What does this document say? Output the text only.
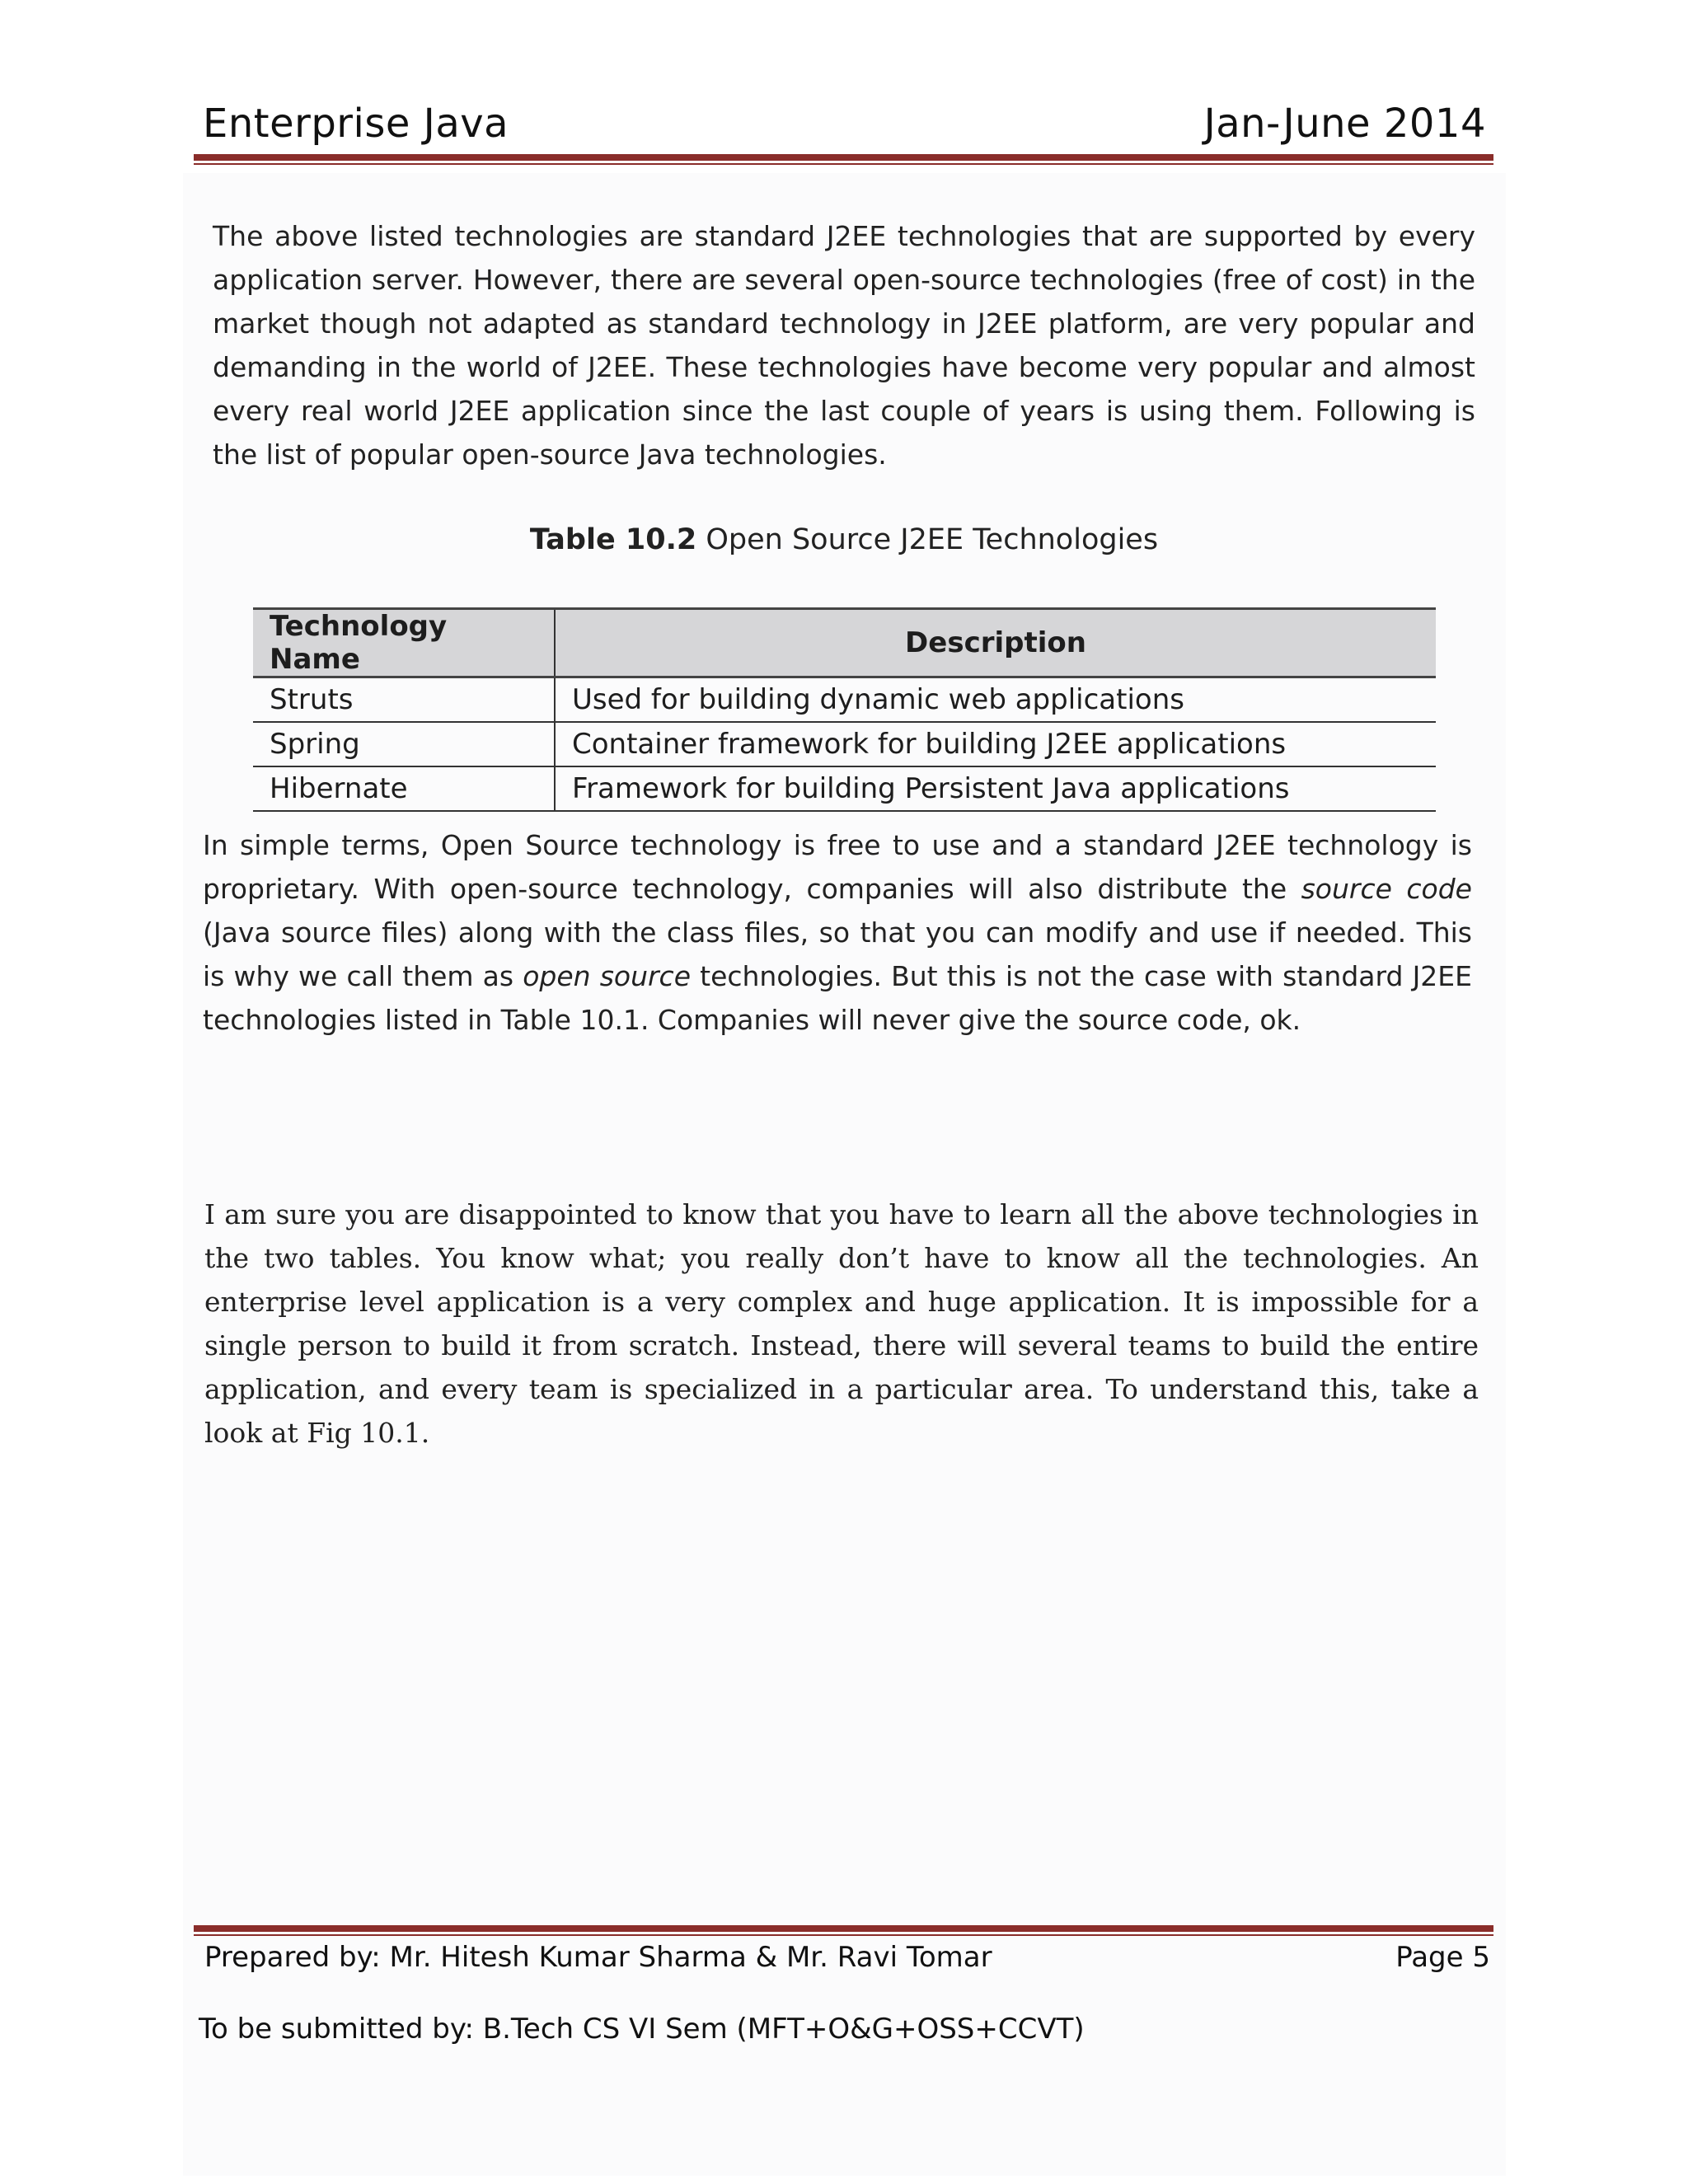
Enterprise Java	Jan-June 2014

The above listed technologies are standard J2EE technologies that are supported by every application server. However, there are several open-source technologies (free of cost) in the market though not adapted as standard technology in J2EE platform, are very popular and demanding in the world of J2EE. These technologies have become very popular and almost every real world J2EE application since the last couple of years is using them. Following is the list of popular open-source Java technologies.

Table 10.2 Open Source J2EE Technologies
Technology Name	Description
Struts	Used for building dynamic web applications
Spring	Container framework for building J2EE applications
Hibernate	Framework for building Persistent Java applications

In simple terms, Open Source technology is free to use and a standard J2EE technology is proprietary. With open-source technology, companies will also distribute the source code (Java source files) along with the class files, so that you can modify and use if needed. This is why we call them as open source technologies. But this is not the case with standard J2EE technologies listed in Table 10.1. Companies will never give the source code, ok.

I am sure you are disappointed to know that you have to learn all the above technologies in the two tables. You know what; you really don’t have to know all the technologies. An enterprise level application is a very complex and huge application. It is impossible for a single person to build it from scratch. Instead, there will several teams to build the entire application, and every team is specialized in a particular area. To understand this, take a look at Fig 10.1.

Prepared by: Mr. Hitesh Kumar Sharma & Mr. Ravi Tomar	Page 5
To be submitted by: B.Tech CS VI Sem (MFT+O&G+OSS+CCVT)
